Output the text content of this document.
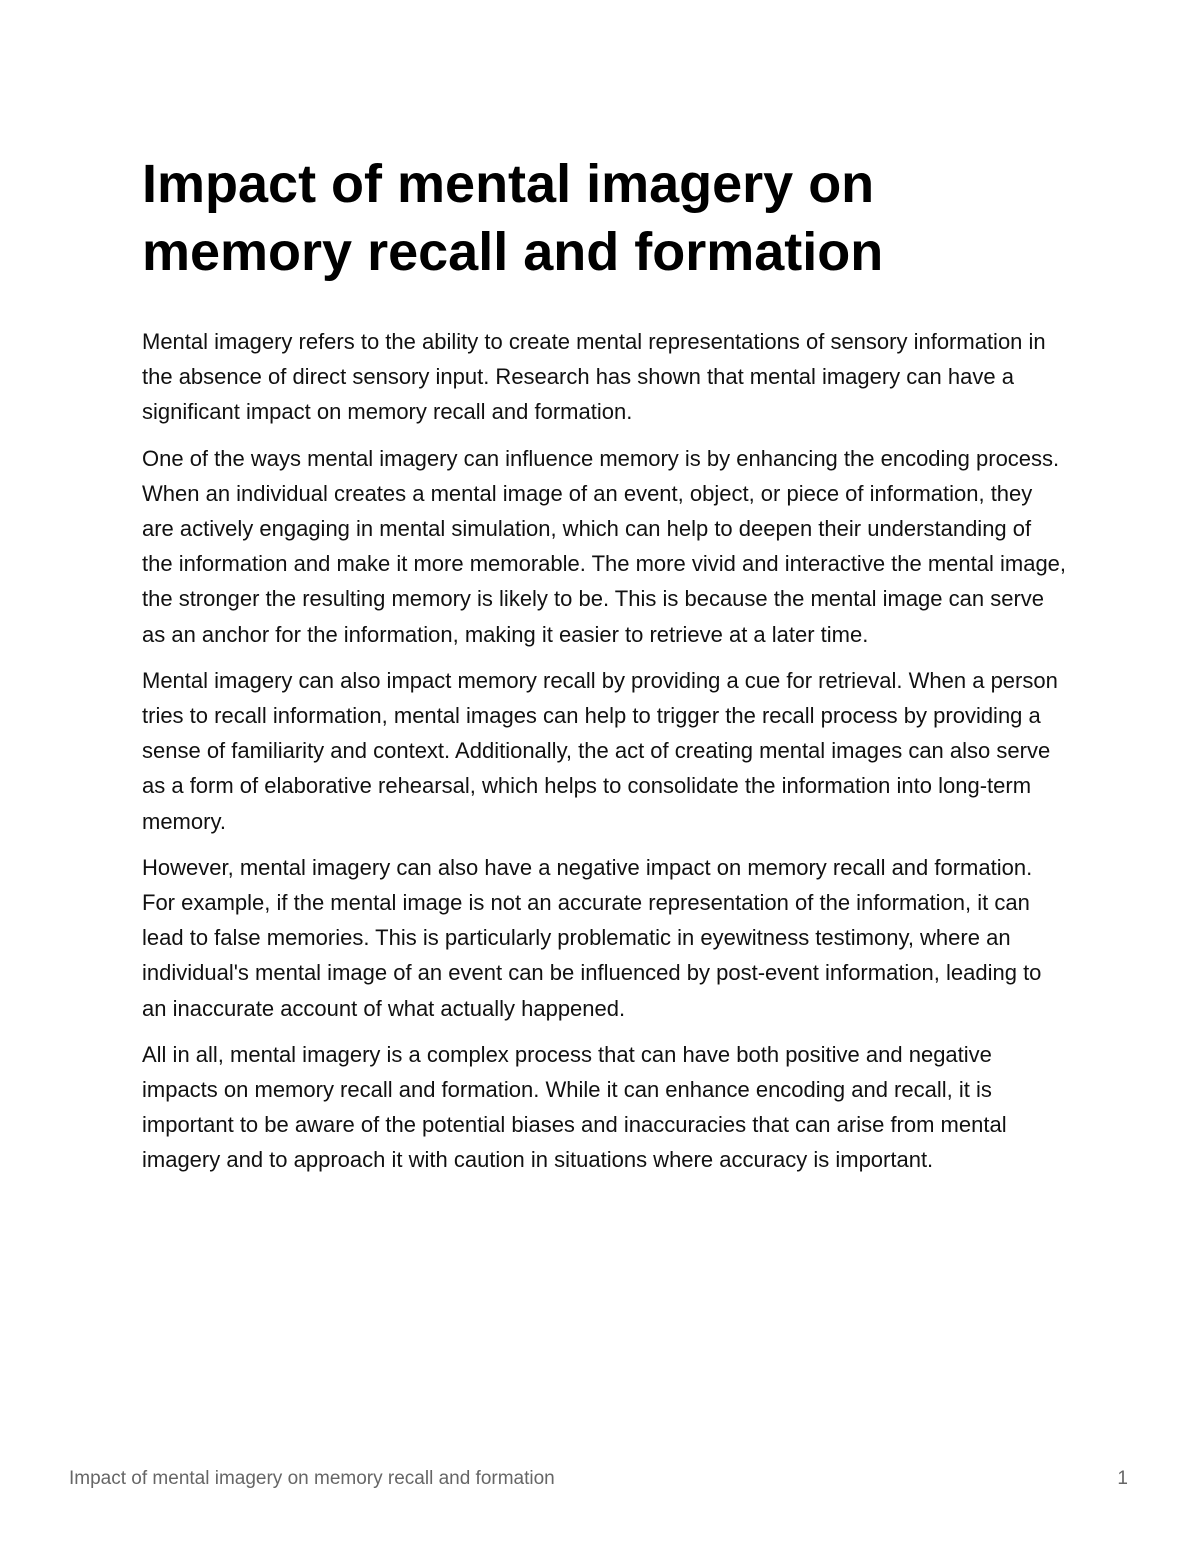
Impact of mental imagery on memory recall and formation

Mental imagery refers to the ability to create mental representations of sensory information in the absence of direct sensory input. Research has shown that mental imagery can have a significant impact on memory recall and formation.

One of the ways mental imagery can influence memory is by enhancing the encoding process. When an individual creates a mental image of an event, object, or piece of information, they are actively engaging in mental simulation, which can help to deepen their understanding of the information and make it more memorable. The more vivid and interactive the mental image, the stronger the resulting memory is likely to be. This is because the mental image can serve as an anchor for the information, making it easier to retrieve at a later time.

Mental imagery can also impact memory recall by providing a cue for retrieval. When a person tries to recall information, mental images can help to trigger the recall process by providing a sense of familiarity and context. Additionally, the act of creating mental images can also serve as a form of elaborative rehearsal, which helps to consolidate the information into long-term memory.

However, mental imagery can also have a negative impact on memory recall and formation. For example, if the mental image is not an accurate representation of the information, it can lead to false memories. This is particularly problematic in eyewitness testimony, where an individual's mental image of an event can be influenced by post-event information, leading to an inaccurate account of what actually happened.

All in all, mental imagery is a complex process that can have both positive and negative impacts on memory recall and formation. While it can enhance encoding and recall, it is important to be aware of the potential biases and inaccuracies that can arise from mental imagery and to approach it with caution in situations where accuracy is important.

Impact of mental imagery on memory recall and formation	1
